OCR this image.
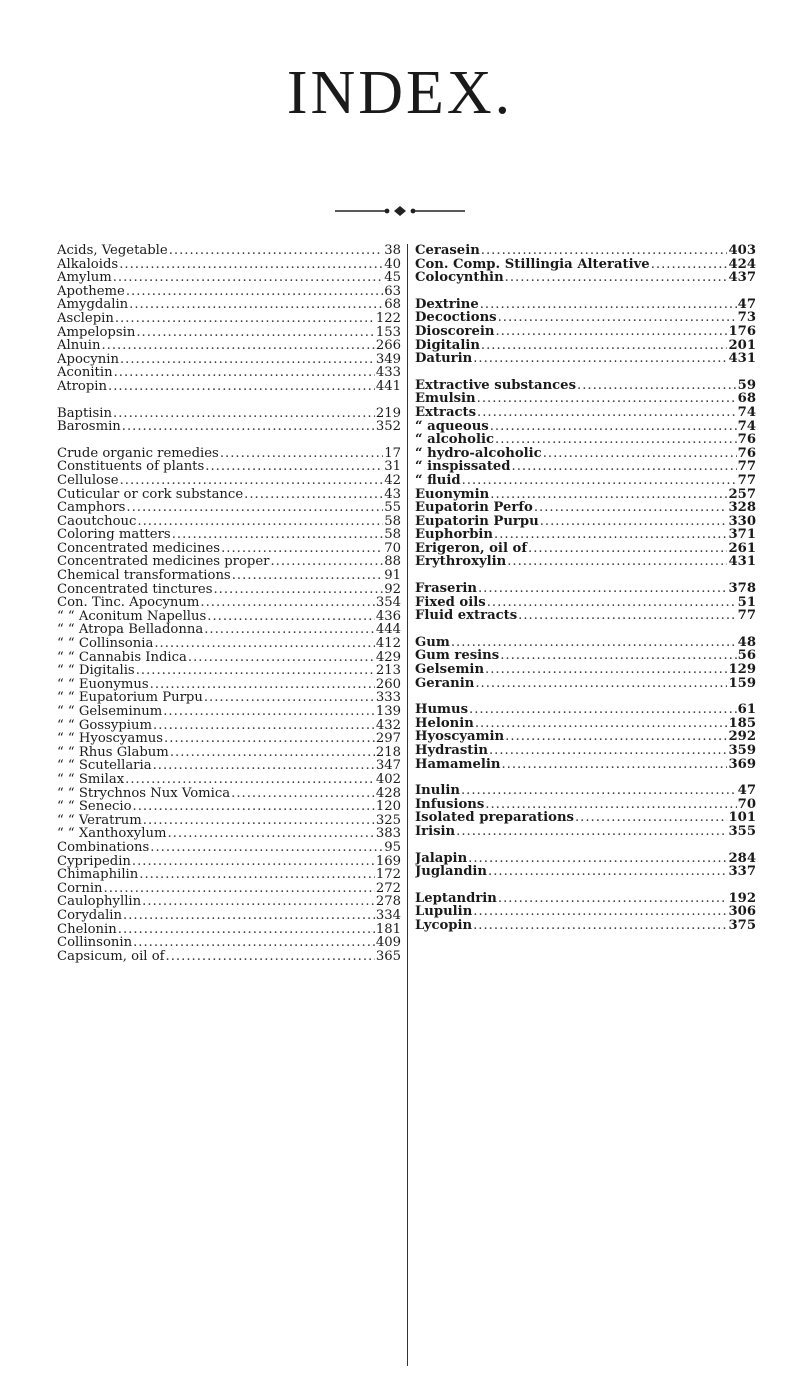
INDEX.
Acids, Vegetable .....	38
Alkaloids .....	40
Amylum .....	45
Apotheme .....	63
Amygdalin .....	68
Asclepin .....	122
Ampelopsin .....	153
Alnuin .....	266
Apocynin .....	349
Aconitin .....	433
Atropin .....	441
Baptisin .....	219
Barosmin .....	352
Crude organic remedies .....	17
Constituents of plants .....	31
Cellulose .....	42
Cuticular or cork substance .....	43
Camphors .....	55
Caoutchouc .....	58
Coloring matters .....	58
Concentrated medicines .....	70
Concentrated medicines proper .....	88
Chemical transformations .....	91
Concentrated tinctures .....	92
Con. Tinc. Apocynum .....	354
“ “ Aconitum Napellus .....	436
“ “ Atropa Belladonna .....	444
“ “ Collinsonia .....	412
“ “ Cannabis Indica .....	429
“ “ Digitalis .....	213
“ “ Euonymus .....	260
“ “ Eupatorium Purpu .....	333
“ “ Gelseminum .....	139
“ “ Gossypium .....	432
“ “ Hyoscyamus .....	297
“ “ Rhus Glabum .....	218
“ “ Scutellaria .....	347
“ “ Smilax .....	402
“ “ Strychnos Nux Vomica .....	428
“ “ Senecio .....	120
“ “ Veratrum .....	325
“ “ Xanthoxylum .....	383
Combinations .....	95
Cypripedin .....	169
Chimaphilin .....	172
Cornin .....	272
Caulophyllin .....	278
Corydalin .....	334
Chelonin .....	181
Collinsonin .....	409
Capsicum, oil of .....	365
Cerasein .....	403
Con. Comp. Stillingia Alterative .....	424
Colocynthin .....	437
Dextrine .....	47
Decoctions .....	73
Dioscorein .....	176
Digitalin .....	201
Daturin .....	431
Extractive substances .....	59
Emulsin .....	68
Extracts .....	74
“ aqueous .....	74
“ alcoholic .....	76
“ hydro-alcoholic .....	76
“ inspissated .....	77
“ fluid .....	77
Euonymin .....	257
Eupatorin Perfo .....	328
Eupatorin Purpu .....	330
Euphorbin .....	371
Erigeron, oil of .....	261
Erythroxylin .....	431
Fraserin .....	378
Fixed oils .....	51
Fluid extracts .....	77
Gum .....	48
Gum resins .....	56
Gelsemin .....	129
Geranin .....	159
Humus .....	61
Helonin .....	185
Hyoscyamin .....	292
Hydrastin .....	359
Hamamelin .....	369
Inulin .....	47
Infusions .....	70
Isolated preparations .....	101
Irisin .....	355
Jalapin .....	284
Juglandin .....	337
Leptandrin .....	192
Lupulin .....	306
Lycopin .....	375
